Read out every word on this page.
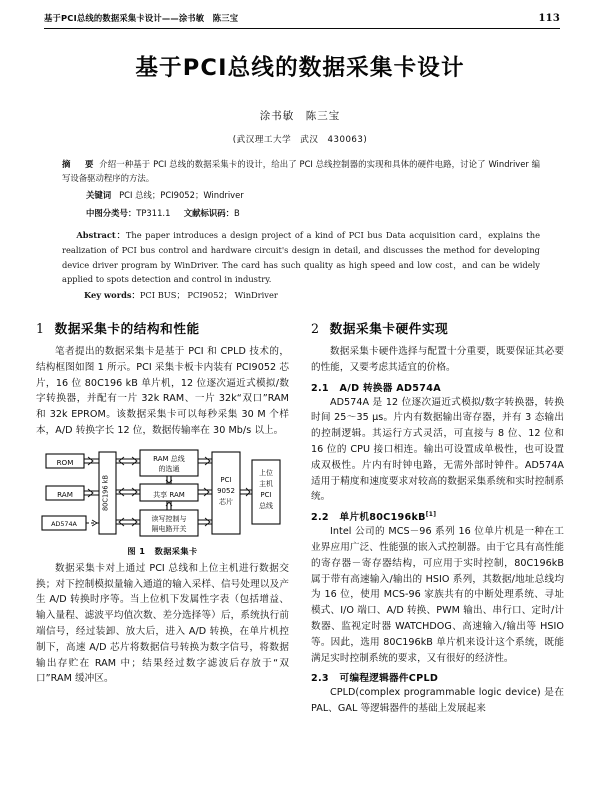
基于PCI总线的数据采集卡设计——涂书敏　陈三宝	113
基于PCI总线的数据采集卡设计
涂书敏　陈三宝
(武汉理工大学　武汉　430063)

摘　要 介绍一种基于 PCI 总线的数据采集卡的设计，给出了 PCI 总线控制器的实现和具体的硬件电路，讨论了 Windriver 编写设备驱动程序的方法。

关键词 PCI 总线；PCI9052；Windriver

中图分类号：TP311.1 文献标识码：B

Abstract：The paper introduces a design project of a kind of PCI bus Data acquisition card，explains the realization of PCI bus control and hardware circuit's design in detail, and discusses the method for developing device driver program by WinDriver. The card has such quality as high speed and low cost，and can be widely applied to spots detection and control in industry.

Key words：PCI BUS； PCI9052； WinDriver

1 数据采集卡的结构和性能

笔者提出的数据采集卡是基于 PCI 和 CPLD 技术的，结构框图如图 1 所示。PCI 采集卡板卡内装有 PCI9052 芯片，16 位 80C196 kB 单片机，12 位逐次逼近式模拟/数字转换器，并配有一片 32k RAM、一片 32k“双口”RAM 和 32k EPROM。该数据采集卡可以每秒采集 30 M 个样本，A/D 转换字长 12 位，数据传输率在 30 Mb/s 以上。

ROM
RAM
AD574A
80C196 kB
RAM 总线
的选通
共享 RAM
读写控制与
隔电路开关
PCI
9052
芯片
上位
主机
PCI
总线
图 1 数据采集卡

数据采集卡对上通过 PCI 总线和上位主机进行数据交换；对下控制模拟量输入通道的输入采样、信号处理以及产生 A/D 转换时序等。当上位机下发属性字表（包括增益、输入量程、滤波平均值次数、差分选择等）后，系统执行前端信号，经过装卸、放大后，进入 A/D 转换，在单片机控制下，高速 A/D 芯片将数据信号转换为数字信号，将数据输出存贮在 RAM 中；结果经过数字滤波后存放于“双口”RAM 缓冲区。

2 数据采集卡硬件实现

数据采集卡硬件选择与配置十分重要，既要保证其必要的性能，又要考虑其适宜的价格。

2.1 A/D 转换器 AD574A

AD574A 是 12 位逐次逼近式模拟/数字转换器，转换时间 25～35 μs。片内有数据输出寄存器，并有 3 态输出的控制逻辑。其运行方式灵活，可直接与 8 位、12 位和 16 位的 CPU 接口相连。输出可设置成单极性，也可设置成双极性。片内有时钟电路，无需外部时钟件。AD574A 适用于精度和速度要求对较高的数据采集系统和实时控制系统。

2.2 单片机80C196kB[1]

Intel 公司的 MCS－96 系列 16 位单片机是一种在工业界应用广泛、性能强的嵌入式控制器。由于它具有高性能的寄存器－寄存器结构，可应用于实时控制，80C196kB 属于带有高速输入/输出的 HSIO 系列，其数据/地址总线均为 16 位，使用 MCS-96 家族共有的中断处理系统、寻址模式、I/O 端口、A/D 转换、PWM 输出、串行口、定时/计数器、监视定时器 WATCHDOG、高速输入/输出等 HSIO 等。因此，选用 80C196kB 单片机来设计这个系统，既能满足实时控制系统的要求，又有很好的经济性。

2.3 可编程逻辑器件CPLD

CPLD(complex programmable logic device) 是在 PAL、GAL 等逻辑器件的基础上发展起来
